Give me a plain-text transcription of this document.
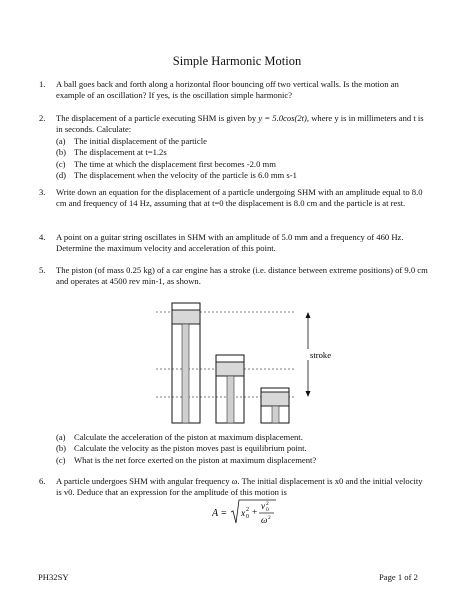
Simple Harmonic Motion
1. A ball goes back and forth along a horizontal floor bouncing off two vertical walls. Is the motion an example of an oscillation? If yes, is the oscillation simple harmonic?

2. The displacement of a particle executing SHM is given by y = 5.0cos(2t), where y is in millimeters and t is in seconds. Calculate:

(a) The initial displacement of the particle
(b) The displacement at t=1.2s
(c) The time at which the displacement first becomes -2.0 mm
(d) The displacement when the velocity of the particle is 6.0 mm s-1
3. Write down an equation for the displacement of a particle undergoing SHM with an amplitude equal to 8.0 cm and frequency of 14 Hz, assuming that at t=0 the displacement is 8.0 cm and the particle is at rest.

4. A point on a guitar string oscillates in SHM with an amplitude of 5.0 mm and a frequency of 460 Hz. Determine the maximum velocity and acceleration of this point.

5. The piston (of mass 0.25 kg) of a car engine has a stroke (i.e. distance between extreme positions) of 9.0 cm and operates at 4500 rev min-1, as shown.

stroke
(a) Calculate the acceleration of the piston at maximum displacement.
(b) Calculate the velocity as the piston moves past is equilibrium point.
(c) What is the net force exerted on the piston at maximum displacement?
6. A particle undergoes SHM with angular frequency ω. The initial displacement is x0 and the initial velocity is v0. Deduce that an expression for the amplitude of this motion is

A = x 0
2 +
v 0
2
ω 2
PH32SY	Page 1 of 2
